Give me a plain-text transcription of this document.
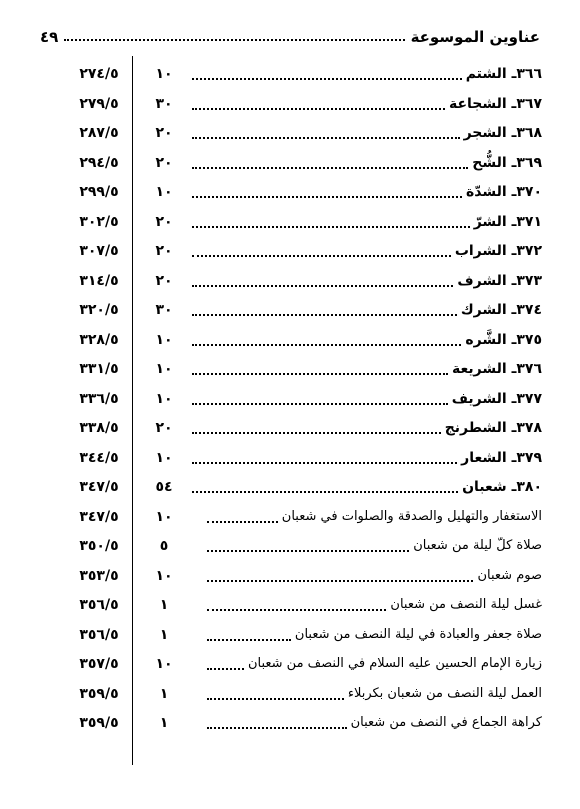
عناوين الموسوعة
٤٩
٣٦٦ـ الشتم
١٠
٢٧٤/٥
٣٦٧ـ الشجاعة
٣٠
٢٧٩/٥
٣٦٨ـ الشجر
٢٠
٢٨٧/٥
٣٦٩ـ الشُّح
٢٠
٢٩٤/٥
٣٧٠ـ الشدّة
١٠
٢٩٩/٥
٣٧١ـ الشرّ
٢٠
٣٠٢/٥
٣٧٢ـ الشراب
٢٠
٣٠٧/٥
٣٧٣ـ الشرف
٢٠
٣١٤/٥
٣٧٤ـ الشرك
٣٠
٣٢٠/٥
٣٧٥ـ الشَّره
١٠
٣٢٨/٥
٣٧٦ـ الشريعة
١٠
٣٣١/٥
٣٧٧ـ الشريف
١٠
٣٣٦/٥
٣٧٨ـ الشطرنج
٢٠
٣٣٨/٥
٣٧٩ـ الشعار
١٠
٣٤٤/٥
٣٨٠ـ شعبان
٥٤
٣٤٧/٥
الاستغفار والتهليل والصدقة والصلوات في شعبان
١٠
٣٤٧/٥
صلاة كلّ ليلة من شعبان
٥
٣٥٠/٥
صوم شعبان
١٠
٣٥٣/٥
غسل ليلة النصف من شعبان
١
٣٥٦/٥
صلاة جعفر والعبادة في ليلة النصف من شعبان
١
٣٥٦/٥
زيارة الإمام الحسين عليه السلام في النصف من شعبان
١٠
٣٥٧/٥
العمل ليلة النصف من شعبان بكربلاء
١
٣٥٩/٥
كراهة الجماع في النصف من شعبان
١
٣٥٩/٥
